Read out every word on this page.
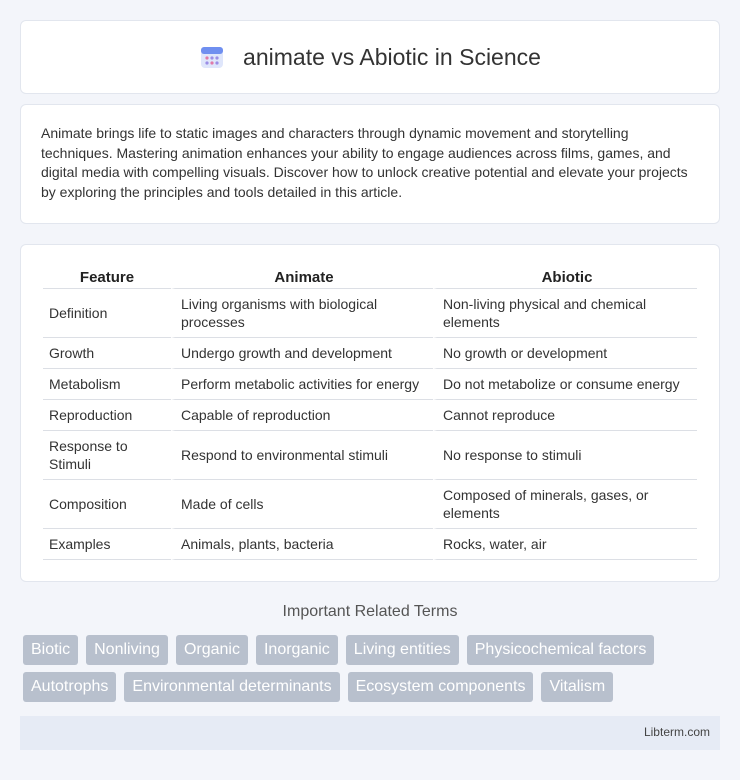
animate vs Abiotic in Science

Animate brings life to static images and characters through dynamic movement and storytelling techniques. Mastering animation enhances your ability to engage audiences across films, games, and digital media with compelling visuals. Discover how to unlock creative potential and elevate your projects by exploring the principles and tools detailed in this article.

Feature	Animate	Abiotic
Definition	Living organisms with biological processes	Non-living physical and chemical elements
Growth	Undergo growth and development	No growth or development
Metabolism	Perform metabolic activities for energy	Do not metabolize or consume energy
Reproduction	Capable of reproduction	Cannot reproduce
Response to Stimuli	Respond to environmental stimuli	No response to stimuli
Composition	Made of cells	Composed of minerals, gases, or elements
Examples	Animals, plants, bacteria	Rocks, water, air
Important Related Terms
Biotic	Nonliving	Organic	Inorganic	Living entities	Physicochemical factors
Autotrophs	Environmental determinants	Ecosystem components	Vitalism
Libterm.com
